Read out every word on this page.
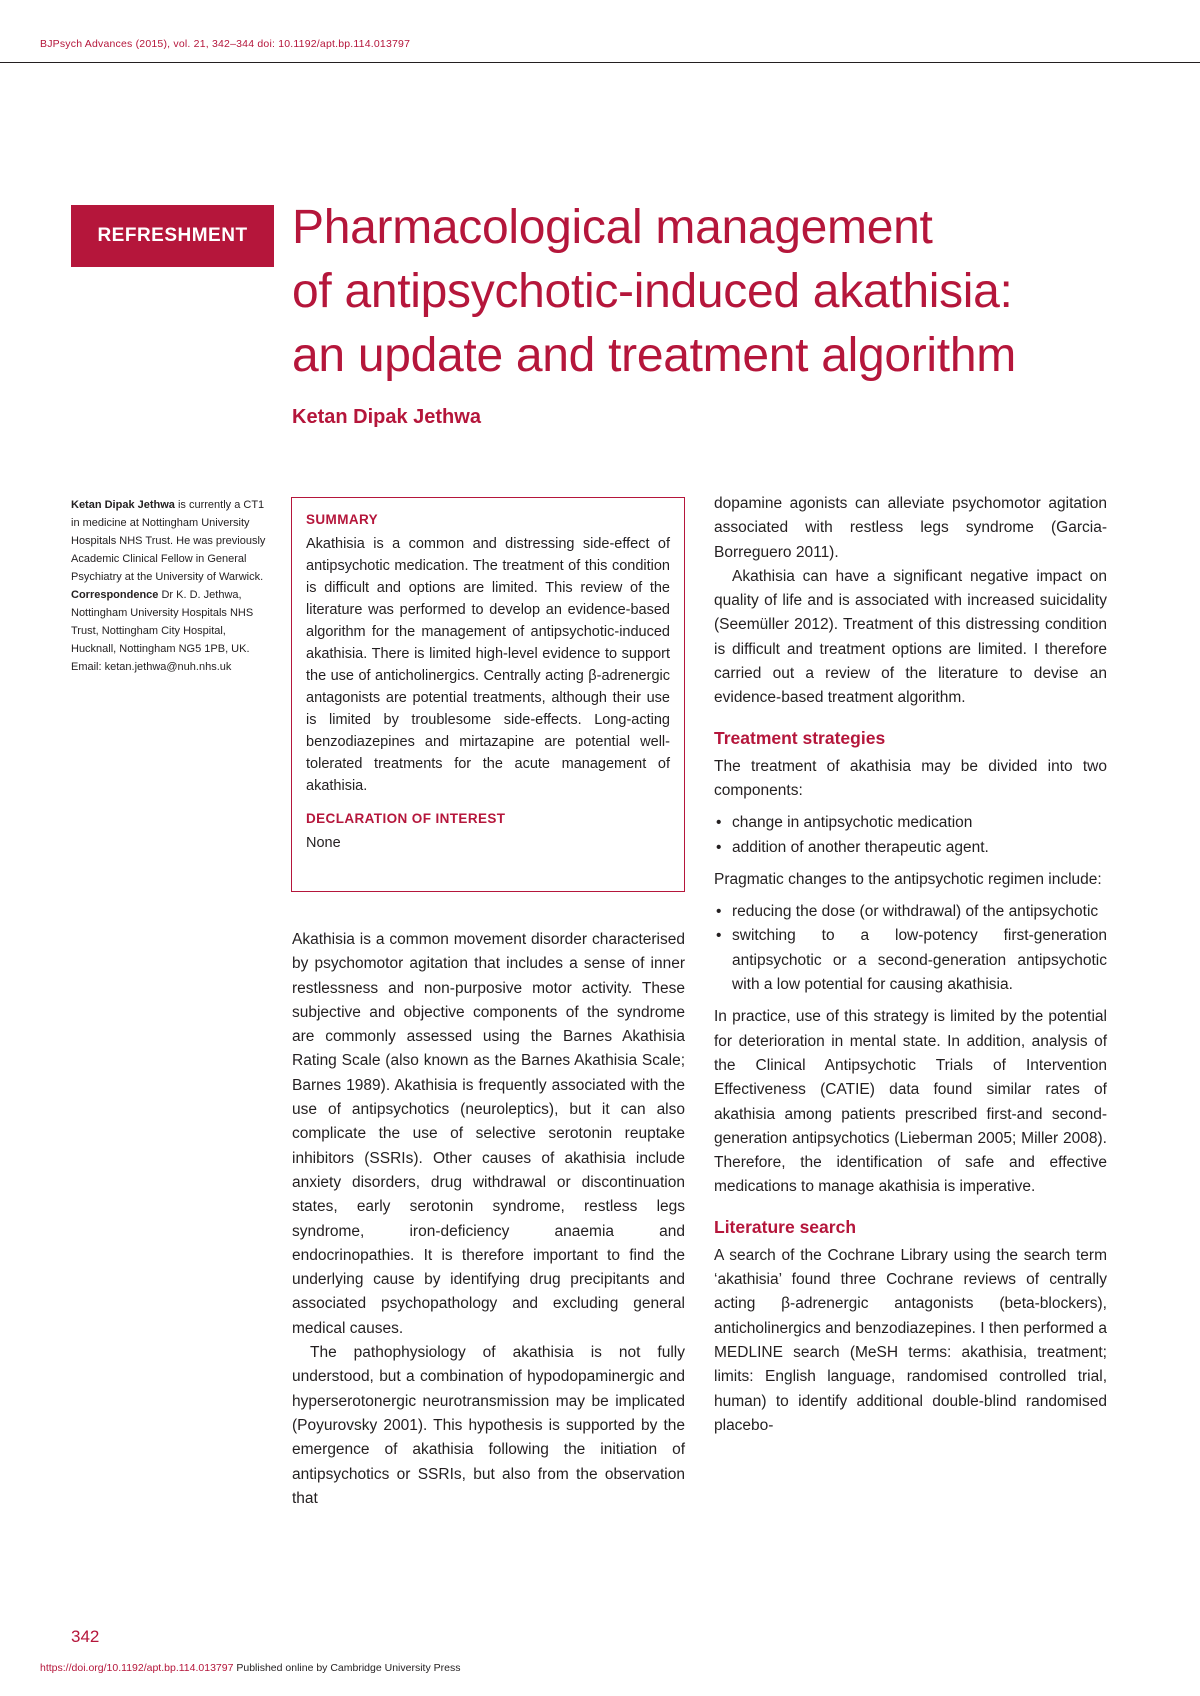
BJPsych Advances (2015), vol. 21, 342–344 doi: 10.1192/apt.bp.114.013797
REFRESHMENT Pharmacological management
of antipsychotic-induced akathisia:
an update and treatment algorithm
Ketan Dipak Jethwa
Ketan Dipak Jethwa is currently a CT1 in medicine at Nottingham University Hospitals NHS Trust. He was previously Academic Clinical Fellow in General Psychiatry at the University of Warwick. Correspondence Dr K. D. Jethwa, Nottingham University Hospitals NHS Trust, Nottingham City Hospital, Hucknall, Nottingham NG5 1PB, UK. Email: ketan.jethwa@nuh.nhs.uk
SUMMARY

Akathisia is a common and distressing side-effect of antipsychotic medication. The treatment of this condition is difficult and options are limited. This review of the literature was performed to develop an evidence-based algorithm for the management of antipsychotic-induced akathisia. There is limited high-level evidence to support the use of anticholinergics. Centrally acting β-adrenergic antagonists are potential treatments, although their use is limited by troublesome side-effects. Long-acting benzodiazepines and mirtazapine are potential well-tolerated treatments for the acute management of akathisia.

DECLARATION OF INTEREST

None

Akathisia is a common movement disorder characterised by psychomotor agitation that includes a sense of inner restlessness and non-purposive motor activity. These subjective and objective components of the syndrome are commonly assessed using the Barnes Akathisia Rating Scale (also known as the Barnes Akathisia Scale; Barnes 1989). Akathisia is frequently associated with the use of antipsychotics (neuroleptics), but it can also complicate the use of selective serotonin reuptake inhibitors (SSRIs). Other causes of akathisia include anxiety disorders, drug withdrawal or discontinuation states, early serotonin syndrome, restless legs syndrome, iron-deficiency anaemia and endocrinopathies. It is therefore important to find the underlying cause by identifying drug precipitants and associated psychopathology and excluding general medical causes.

The pathophysiology of akathisia is not fully understood, but a combination of hypodopaminergic and hyperserotonergic neurotransmission may be implicated (Poyurovsky 2001). This hypothesis is supported by the emergence of akathisia following the initiation of antipsychotics or SSRIs, but also from the observation that

dopamine agonists can alleviate psychomotor agitation associated with restless legs syndrome (Garcia-Borreguero 2011).

Akathisia can have a significant negative impact on quality of life and is associated with increased suicidality (Seemüller 2012). Treatment of this distressing condition is difficult and treatment options are limited. I therefore carried out a review of the literature to devise an evidence-based treatment algorithm.

Treatment strategies

The treatment of akathisia may be divided into two components:

• change in antipsychotic medication
• addition of another therapeutic agent.

Pragmatic changes to the antipsychotic regimen include:

• reducing the dose (or withdrawal) of the antipsychotic
• switching to a low-potency first-generation antipsychotic or a second-generation antipsychotic with a low potential for causing akathisia.

In practice, use of this strategy is limited by the potential for deterioration in mental state. In addition, analysis of the Clinical Antipsychotic Trials of Intervention Effectiveness (CATIE) data found similar rates of akathisia among patients prescribed first-and second-generation antipsychotics (Lieberman 2005; Miller 2008). Therefore, the identification of safe and effective medications to manage akathisia is imperative.

Literature search

A search of the Cochrane Library using the search term ‘akathisia’ found three Cochrane reviews of centrally acting β-adrenergic antagonists (beta-blockers), anticholinergics and benzodiazepines. I then performed a MEDLINE search (MeSH terms: akathisia, treatment; limits: English language, randomised controlled trial, human) to identify additional double-blind randomised placebo-

342
https://doi.org/10.1192/apt.bp.114.013797 Published online by Cambridge University Press
